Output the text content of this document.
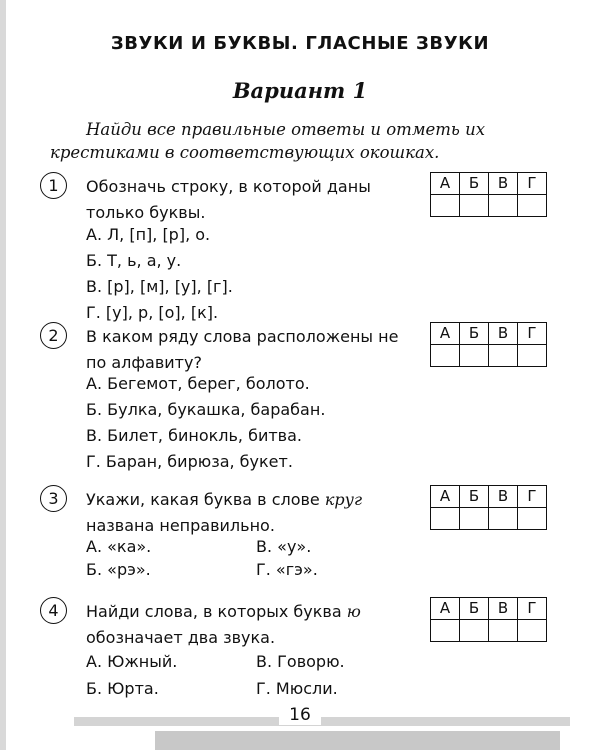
ЗВУКИ И БУКВЫ. ГЛАСНЫЕ ЗВУКИ
Вариант 1
Найди все правильные ответы и отметь их крестиками в соответствующих окошках.
1	Обозначь строку, в которой даны только буквы.
А. Л, [п], [р], о.
Б. Т, ь, а, у.
В. [р], [м], [у], [г].
Г. [у], р, [о], [к].
А	Б	В	Г

2	В каком ряду слова расположены не по алфавиту?
А. Бегемот, берег, болото.
Б. Булка, букашка, барабан.
В. Билет, бинокль, битва.
Г. Баран, бирюза, букет.
А	Б	В	Г

3	Укажи, какая буква в слове круг названа неправильно.
А. «ка».
Б. «рэ».
В. «у».
Г. «гэ».
А	Б	В	Г

4	Найди слова, в которых буква ю обозначает два звука.
А. Южный.
Б. Юрта.
В. Говорю.
Г. Мюсли.
А	Б	В	Г

16
